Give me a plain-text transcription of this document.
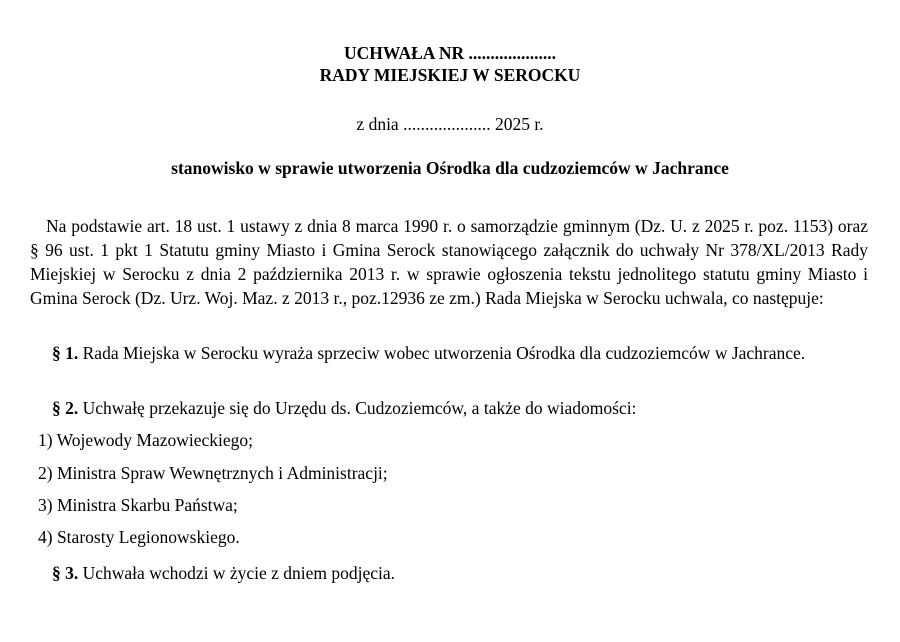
UCHWAŁA NR ....................
RADY MIEJSKIEJ W SEROCKU
z dnia .................... 2025 r.
stanowisko w sprawie utworzenia Ośrodka dla cudzoziemców w Jachrance
Na podstawie art. 18 ust. 1 ustawy z dnia 8 marca 1990 r. o samorządzie gminnym (Dz. U. z 2025 r. poz. 1153) oraz § 96 ust. 1 pkt 1 Statutu gminy Miasto i Gmina Serock stanowiącego załącznik do uchwały Nr 378/XL/2013 Rady Miejskiej w Serocku z dnia 2 października 2013 r. w sprawie ogłoszenia tekstu jednolitego statutu gminy Miasto i Gmina Serock (Dz. Urz. Woj. Maz. z 2013 r., poz.12936 ze zm.) Rada Miejska w Serocku uchwala, co następuje:
§ 1. Rada Miejska w Serocku wyraża sprzeciw wobec utworzenia Ośrodka dla cudzoziemców w Jachrance.
§ 2. Uchwałę przekazuje się do Urzędu ds. Cudzoziemców, a także do wiadomości:
1) Wojewody Mazowieckiego;
2) Ministra Spraw Wewnętrznych i Administracji;
3) Ministra Skarbu Państwa;
4) Starosty Legionowskiego.
§ 3. Uchwała wchodzi w życie z dniem podjęcia.
